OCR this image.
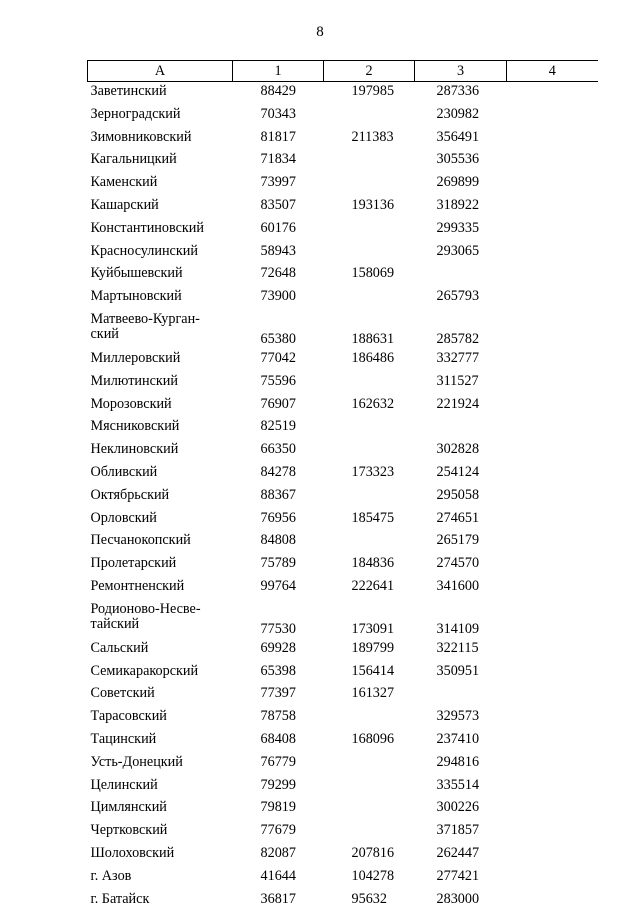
8
А	1	2	3	4
Заветинский	88429	197985	287336	
Зерноградский	70343		230982	
Зимовниковский	81817	211383	356491	
Кагальницкий	71834		305536	
Каменский	73997		269899	
Кашарский	83507	193136	318922	
Константиновский	60176		299335	
Красносулинский	58943		293065	
Куйбышевский	72648	158069		
Мартыновский	73900		265793	
Матвеево-Курган-
ский	65380	188631	285782	
Миллеровский	77042	186486	332777	
Милютинский	75596		311527	
Морозовский	76907	162632	221924	
Мясниковский	82519			
Неклиновский	66350		302828	
Обливский	84278	173323	254124	
Октябрьский	88367		295058	
Орловский	76956	185475	274651	
Песчанокопский	84808		265179	
Пролетарский	75789	184836	274570	
Ремонтненский	99764	222641	341600	
Родионово-Несве-
тайский	77530	173091	314109	
Сальский	69928	189799	322115	
Семикаракорский	65398	156414	350951	
Советский	77397	161327		
Тарасовский	78758		329573	
Тацинский	68408	168096	237410	
Усть-Донецкий	76779		294816	
Целинский	79299		335514	
Цимлянский	79819		300226	
Чертковский	77679		371857	
Шолоховский	82087	207816	262447	
г. Азов	41644	104278	277421	
г. Батайск	36817	95632	283000	
